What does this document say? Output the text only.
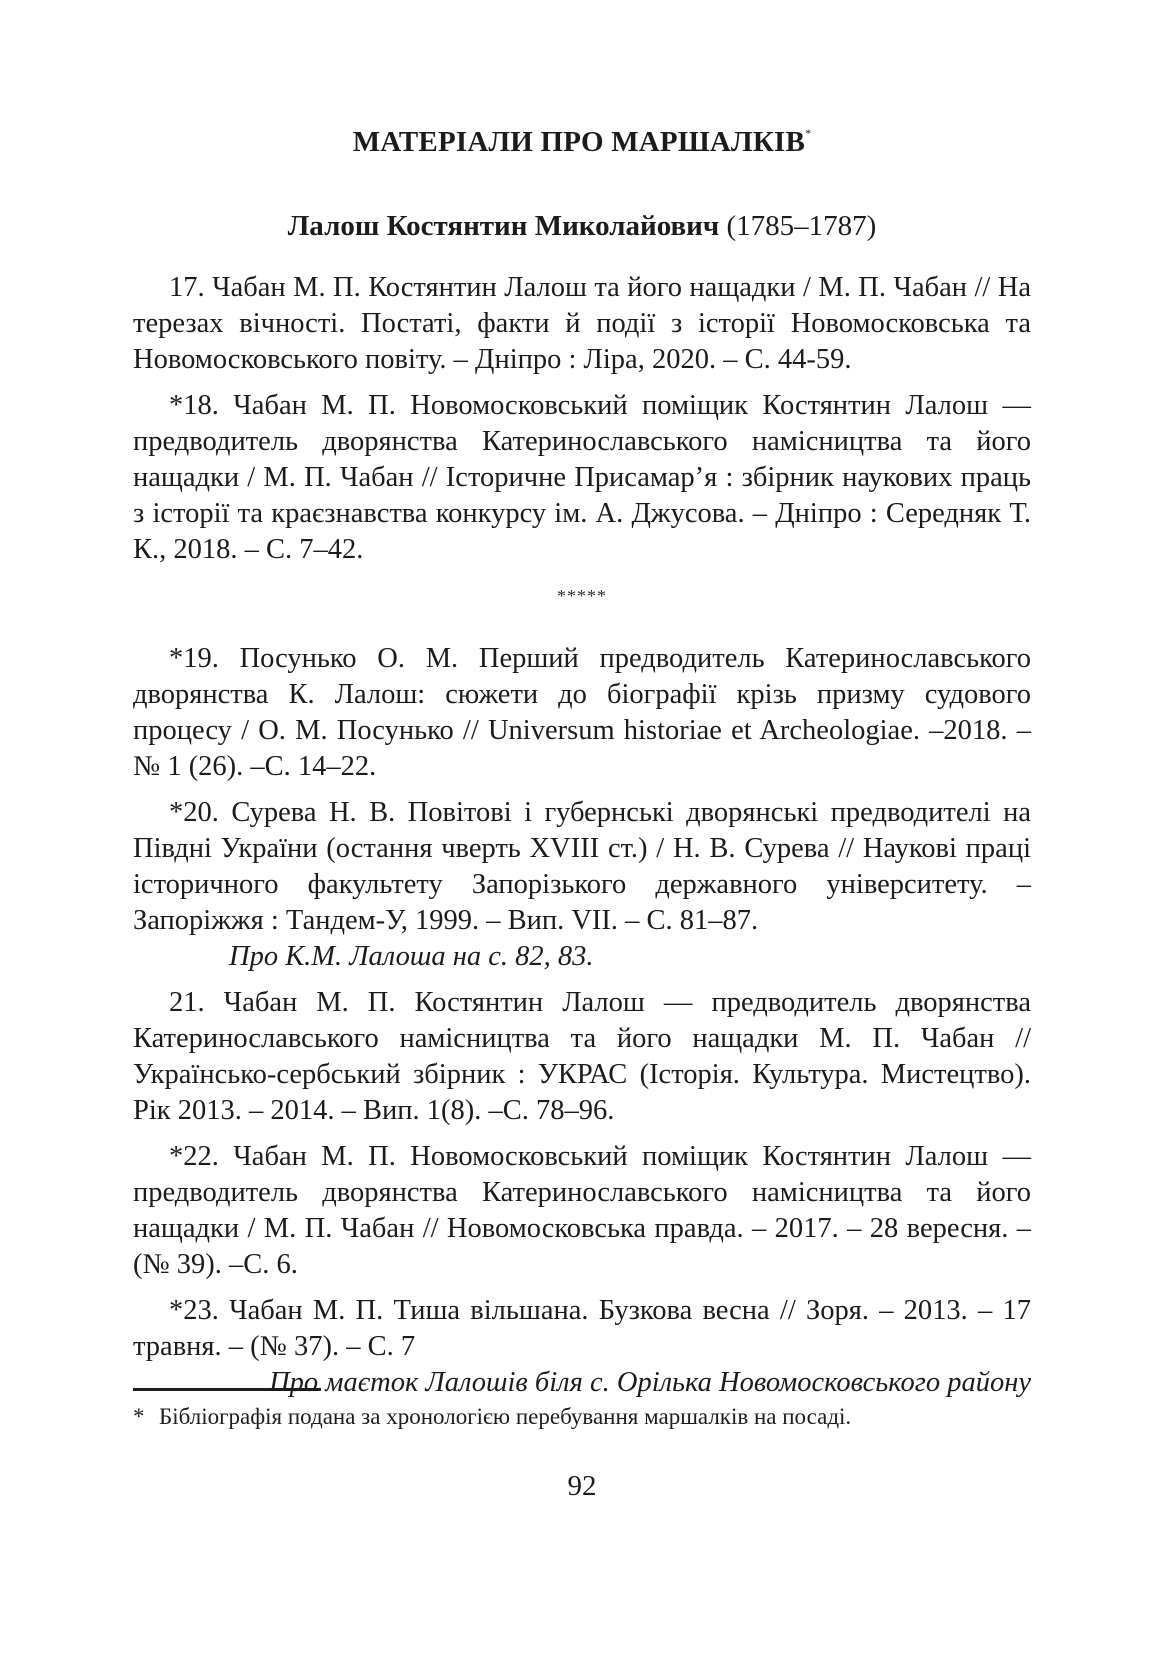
МАТЕРІАЛИ ПРО МАРШАЛКІВ*
Лалош Костянтин Миколайович (1785–1787)

17. Чабан М. П. Костянтин Лалош та його нащадки / М. П. Чабан // На терезах вічності. Постаті, факти й події з історії Новомосковська та Новомосковського повіту. – Дніпро : Ліра, 2020. – С. 44-59.

*18. Чабан М. П. Новомосковський поміщик Костянтин Лалош — предводитель дворянства Катеринославського намісництва та його нащадки / М. П. Чабан // Історичне Присамар’я : збірник наукових праць з історії та краєзнавства конкурсу ім. А. Джусова. – Дніпро : Середняк Т. К., 2018. – С. 7–42.

*****

*19. Посунько О. М. Перший предводитель Катеринославського дворянства К. Лалош: сюжети до біографії крізь призму судового процесу / О. М. Посунько // Universum historiae et Archeologiae. –2018. – № 1 (26). –С. 14–22.

*20. Сурева Н. В. Повітові і губернські дворянські предводителі на Півдні України (остання чверть XVIII ст.) / Н. В. Сурева // Наукові праці історичного факультету Запорізького державного університету. – Запоріжжя : Тандем-У, 1999. – Вип. VII. – С. 81–87.
Про К.М. Лалоша на с. 82, 83.

21. Чабан М. П. Костянтин Лалош — предводитель дворянства Катеринославського намісництва та його нащадки М. П. Чабан // Українсько-сербський збірник : УКРАС (Історія. Культура. Мистецтво). Рік 2013. – 2014. – Вип. 1(8). –С. 78–96.

*22. Чабан М. П. Новомосковський поміщик Костянтин Лалош — предводитель дворянства Катеринославського намісництва та його нащадки / М. П. Чабан // Новомосковська правда. – 2017. – 28 вересня. – (№ 39). –С. 6.

*23. Чабан М. П. Тиша вільшана. Бузкова весна // Зоря. – 2013. – 17 травня. – (№ 37). – С. 7
Про маєток Лалошів біля с. Орілька Новомосковського району

* Бібліографія подана за хронологією перебування маршалків на посаді.
92
